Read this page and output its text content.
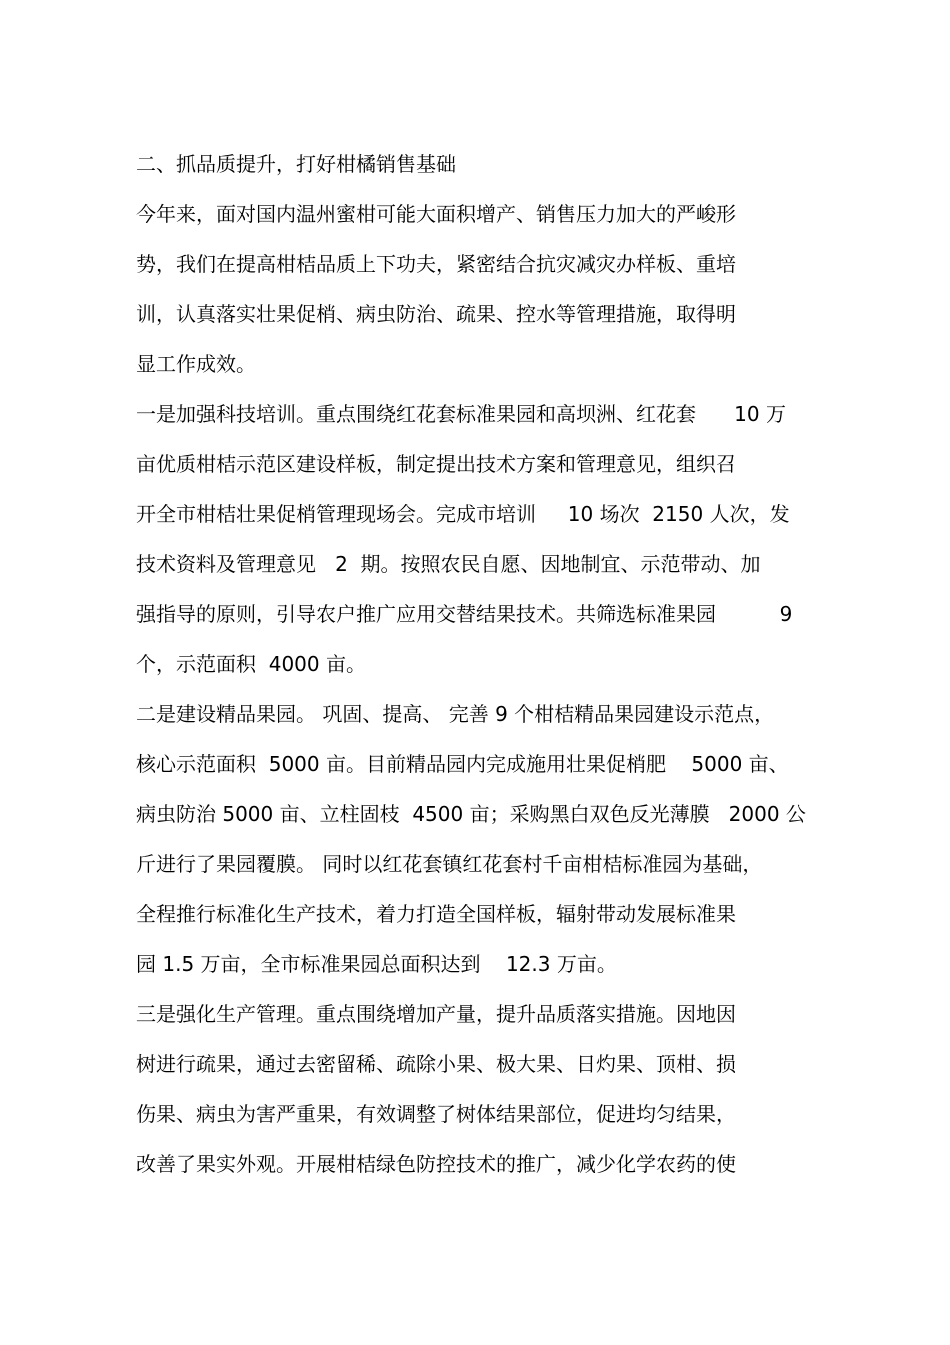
二、抓品质提升，打好柑橘销售基础

今年来，面对国内温州蜜柑可能大面积增产、销售压力加大的严峻形

势，我们在提高柑桔品质上下功夫，紧密结合抗灾减灾办样板、重培

训，认真落实壮果促梢、病虫防治、疏果、控水等管理措施，取得明

显工作成效。

一是加强科技培训。重点围绕红花套标准果园和高坝洲、红花套      10 万

亩优质柑桔示范区建设样板，制定提出技术方案和管理意见，组织召

开全市柑桔壮果促梢管理现场会。完成市培训     10 场次  2150 人次，发

技术资料及管理意见   2  期。按照农民自愿、因地制宜、示范带动、加

强指导的原则，引导农户推广应用交替结果技术。共筛选标准果园          9

个，示范面积  4000 亩。

二是建设精品果园。 巩固、提高、 完善 9 个柑桔精品果园建设示范点，

核心示范面积  5000 亩。目前精品园内完成施用壮果促梢肥    5000 亩、

病虫防治 5000 亩、立柱固枝  4500 亩；采购黑白双色反光薄膜   2000 公

斤进行了果园覆膜。 同时以红花套镇红花套村千亩柑桔标准园为基础，

全程推行标准化生产技术，着力打造全国样板，辐射带动发展标准果

园 1.5 万亩，全市标准果园总面积达到    12.3 万亩。

三是强化生产管理。重点围绕增加产量，提升品质落实措施。因地因

树进行疏果，通过去密留稀、疏除小果、极大果、日灼果、顶柑、损

伤果、病虫为害严重果，有效调整了树体结果部位，促进均匀结果，

改善了果实外观。开展柑桔绿色防控技术的推广，减少化学农药的使
